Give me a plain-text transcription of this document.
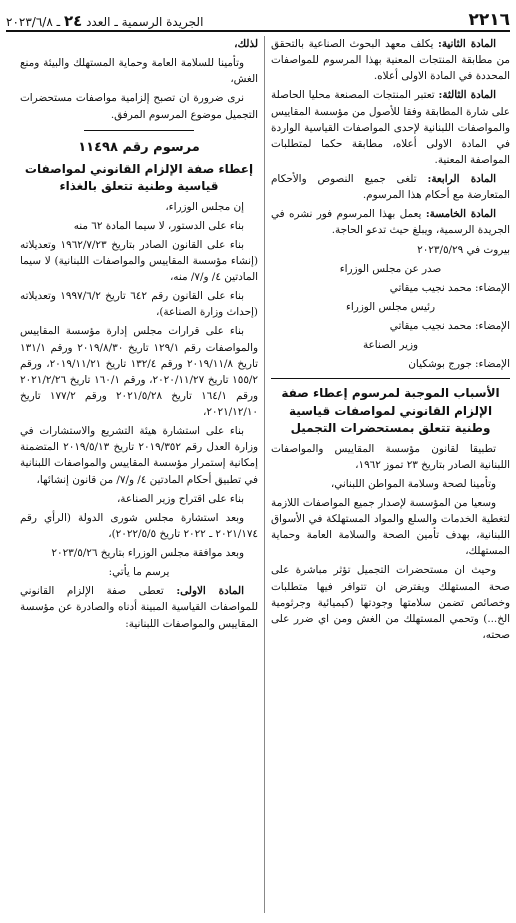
٢٢١٦
الجريدة الرسمية ـ العدد ٢٤ ـ ٢٠٢٣/٦/٨

المادة الثانية: يكلف معهد البحوث الصناعية بالتحقق من مطابقة المنتجات المعنية بهذا المرسوم للمواصفات المحددة في المادة الاولى أعلاه.

المادة الثالثة: تعتبر المنتجات المصنعة محليا الحاصلة على شارة المطابقة وفقا للأصول من مؤسسة المقاييس والمواصفات اللبنانية لإحدى المواصفات القياسية الواردة في المادة الاولى أعلاه، مطابقة حكما لمتطلبات المواصفة المعنية.

المادة الرابعة: تلغى جميع النصوص والأحكام المتعارضة مع أحكام هذا المرسوم.

المادة الخامسة: يعمل بهذا المرسوم فور نشره في الجريدة الرسمية، ويبلغ حيث تدعو الحاجة.

بيروت في ٢٠٢٣/٥/٢٩

صدر عن مجلس الوزراء

الإمضاء: محمد نجيب ميقاتي

رئيس مجلس الوزراء

الإمضاء: محمد نجيب ميقاتي

وزير الصناعة

الإمضاء: جورج بوشكيان

الأسباب الموجبة لمرسوم إعطاء صفة الإلزام القانوني لمواصفات قياسية وطنية تتعلق بمستحضرات التجميل

تطبيقا لقانون مؤسسة المقاييس والمواصفات اللبنانية الصادر بتاريخ ٢٣ تموز ١٩٦٢،

وتأمينا لصحة وسلامة المواطن اللبناني،

وسعيا من المؤسسة لإصدار جميع المواصفات اللازمة لتغطية الخدمات والسلع والمواد المستهلكة في الأسواق اللبنانية، بهدف تأمين الصحة والسلامة العامة وحماية المستهلك،

وحيث ان مستحضرات التجميل تؤثر مباشرة على صحة المستهلك ويفترض ان تتوافر فيها متطلبات وخصائص تضمن سلامتها وجودتها (كيميائية وجرثومية الخ...) وتحمي المستهلك من الغش ومن اي ضرر على صحته،

لذلك،

وتأمينا للسلامة العامة وحماية المستهلك والبيئة ومنع الغش،

نرى ضرورة ان تصبح إلزامية مواصفات مستحضرات التجميل موضوع المرسوم المرفق.

مرسوم رقم ١١٤٩٨

إعطاء صفة الإلزام القانوني لمواصفات قياسية وطنية تتعلق بالغذاء

إن مجلس الوزراء،

بناء على الدستور، لا سيما المادة ٦٢ منه

بناء على القانون الصادر بتاريخ ١٩٦٢/٧/٢٣ وتعديلاته (إنشاء مؤسسة المقاييس والمواصفات اللبنانية) لا سيما المادتين ٤/ و/٧/ منه،

بناء على القانون رقم ٦٤٢ تاريخ ١٩٩٧/٦/٢ وتعديلاته (إحداث وزارة الصناعة)،

بناء على قرارات مجلس إدارة مؤسسة المقاييس والمواصفات رقم ١٢٩/١ تاريخ ٢٠١٩/٨/٣٠ ورقم ١٣١/١ تاريخ ٢٠١٩/١١/٨ ورقم ١٣٢/٤ تاريخ ٢٠١٩/١١/٢١، ورقم ١٥٥/٢ تاريخ ٢٠٢٠/١١/٢٧، ورقم ١٦٠/١ تاريخ ٢٠٢١/٢/٢٦ ورقم ١٦٤/١ تاريخ ٢٠٢١/٥/٢٨ ورقم ١٧٧/٢ تاريخ ٢٠٢١/١٢/١٠،

بناء على استشارة هيئة التشريع والاستشارات في وزارة العدل رقم ٢٠١٩/٣٥٢ تاريخ ٢٠١٩/٥/١٣ المتضمنة إمكانية إستمرار مؤسسة المقاييس والمواصفات اللبنانية في تطبيق أحكام المادتين ٤/ و/٧/ من قانون إنشائها،

بناء على اقتراح وزير الصناعة،

وبعد استشارة مجلس شورى الدولة (الرأي رقم ٢٠٢١/١٧٤ ـ ٢٠٢٢ تاريخ ٢٠٢٢/٥/٥)،

وبعد موافقة مجلس الوزراء بتاريخ ٢٠٢٣/٥/٢٦

يرسم ما يأتي:

المادة الاولى: تعطى صفة الإلزام القانوني للمواصفات القياسية المبينة أدناه والصادرة عن مؤسسة المقاييس والمواصفات اللبنانية:
